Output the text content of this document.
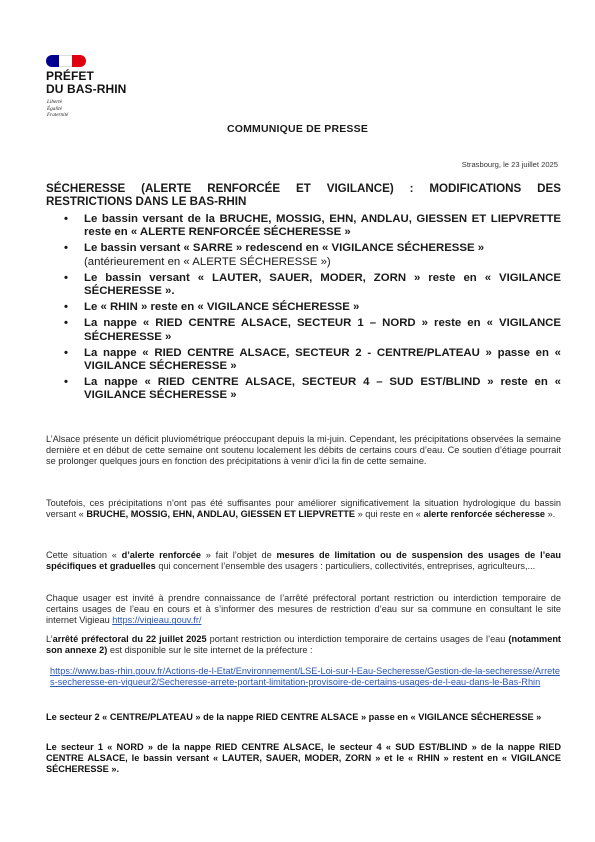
PRÉFET
DU BAS-RHIN
Liberté
Égalité
Fraternité
COMMUNIQUE DE PRESSE
Strasbourg, le 23 juillet 2025
SÉCHERESSE (ALERTE RENFORCÉE ET VIGILANCE) : MODIFICATIONS DES RESTRICTIONS DANS LE BAS-RHIN
• Le bassin versant de la BRUCHE, MOSSIG, EHN, ANDLAU, GIESSEN ET LIEPVRETTE reste en « ALERTE RENFORCÉE SÉCHERESSE »
• Le bassin versant « SARRE » redescend en « VIGILANCE SÉCHERESSE »
(antérieurement en « ALERTE SÉCHERESSE »)
• Le bassin versant « LAUTER, SAUER, MODER, ZORN » reste en « VIGILANCE SÉCHERESSE ».
• Le « RHIN » reste en « VIGILANCE SÉCHERESSE »
• La nappe « RIED CENTRE ALSACE, SECTEUR 1 – NORD » reste en « VIGILANCE SÉCHERESSE »
• La nappe « RIED CENTRE ALSACE, SECTEUR 2 - CENTRE/PLATEAU » passe en « VIGILANCE SÉCHERESSE »
• La nappe « RIED CENTRE ALSACE, SECTEUR 4 – SUD EST/BLIND » reste en « VIGILANCE SÉCHERESSE »
L’Alsace présente un déficit pluviométrique préoccupant depuis la mi-juin. Cependant, les précipitations observées la semaine dernière et en début de cette semaine ont soutenu localement les débits de certains cours d’eau. Ce soutien d’étiage pourrait se prolonger quelques jours en fonction des précipitations à venir d’ici la fin de cette semaine.
Toutefois, ces précipitations n’ont pas été suffisantes pour améliorer significativement la situation hydrologique du bassin versant « BRUCHE, MOSSIG, EHN, ANDLAU, GIESSEN ET LIEPVRETTE » qui reste en « alerte renforcée sécheresse ».
Cette situation « d’alerte renforcée » fait l’objet de mesures de limitation ou de suspension des usages de l’eau spécifiques et graduelles qui concernent l’ensemble des usagers : particuliers, collectivités, entreprises, agriculteurs,...
Chaque usager est invité à prendre connaissance de l’arrêté préfectoral portant restriction ou interdiction temporaire de certains usages de l’eau en cours et à s’informer des mesures de restriction d’eau sur sa commune en consultant le site internet Vigieau https://vigieau.gouv.fr/
L’arrêté préfectoral du 22 juillet 2025 portant restriction ou interdiction temporaire de certains usages de l’eau (notamment son annexe 2) est disponible sur le site internet de la préfecture :
https://www.bas-rhin.gouv.fr/Actions-de-l-Etat/Environnement/LSE-Loi-sur-l-Eau-Secheresse/Gestion-de-la-secheresse/Arretes-secheresse-en-vigueur2/Secheresse-arrete-portant-limitation-provisoire-de-certains-usages-de-l-eau-dans-le-Bas-Rhin
Le secteur 2 « CENTRE/PLATEAU » de la nappe RIED CENTRE ALSACE » passe en « VIGILANCE SÉCHERESSE »
Le secteur 1 « NORD » de la nappe RIED CENTRE ALSACE, le secteur 4 « SUD EST/BLIND » de la nappe RIED CENTRE ALSACE, le bassin versant « LAUTER, SAUER, MODER, ZORN » et le « RHIN » restent en « VIGILANCE SÉCHERESSE ».
